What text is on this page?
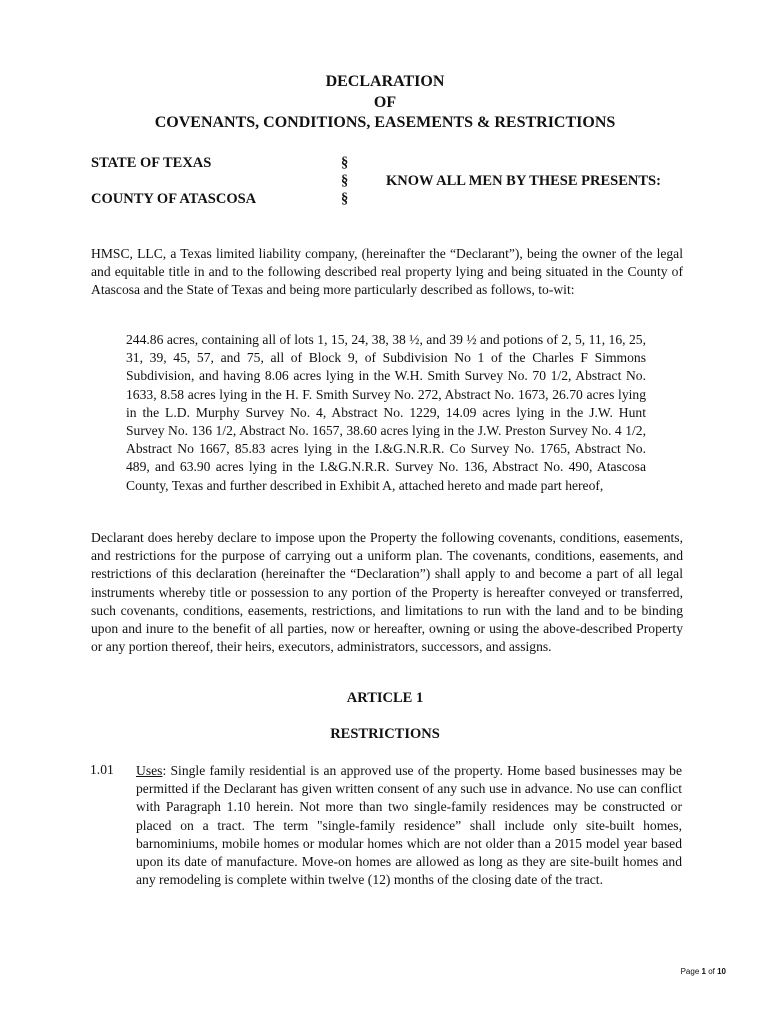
DECLARATION
OF
COVENANTS, CONDITIONS, EASEMENTS & RESTRICTIONS
STATE OF TEXAS
COUNTY OF ATASCOSA
§
§
§
KNOW ALL MEN BY THESE PRESENTS:

HMSC, LLC, a Texas limited liability company, (hereinafter the “Declarant”), being the owner of the legal and equitable title in and to the following described real property lying and being situated in the County of Atascosa and the State of Texas and being more particularly described as follows, to-wit:

244.86 acres, containing all of lots 1, 15, 24, 38, 38 ½, and 39 ½ and potions of 2, 5, 11, 16, 25, 31, 39, 45, 57, and 75, all of Block 9, of Subdivision No 1 of the Charles F Simmons Subdivision, and having 8.06 acres lying in the W.H. Smith Survey No. 70 1/2, Abstract No. 1633, 8.58 acres lying in the H. F. Smith Survey No. 272, Abstract No. 1673, 26.70 acres lying in the L.D. Murphy Survey No. 4, Abstract No. 1229, 14.09 acres lying in the J.W. Hunt Survey No. 136 1/2, Abstract No. 1657, 38.60 acres lying in the J.W. Preston Survey No. 4 1/2, Abstract No 1667, 85.83 acres lying in the I.&G.N.R.R. Co Survey No. 1765, Abstract No. 489, and 63.90 acres lying in the I.&G.N.R.R. Survey No. 136, Abstract No. 490, Atascosa County, Texas and further described in Exhibit A, attached hereto and made part hereof,

Declarant does hereby declare to impose upon the Property the following covenants, conditions, easements, and restrictions for the purpose of carrying out a uniform plan. The covenants, conditions, easements, and restrictions of this declaration (hereinafter the “Declaration”) shall apply to and become a part of all legal instruments whereby title or possession to any portion of the Property is hereafter conveyed or transferred, such covenants, conditions, easements, restrictions, and limitations to run with the land and to be binding upon and inure to the benefit of all parties, now or hereafter, owning or using the above-described Property or any portion thereof, their heirs, executors, administrators, successors, and assigns.

ARTICLE 1
RESTRICTIONS
1.01 Uses: Single family residential is an approved use of the property. Home based businesses may be permitted if the Declarant has given written consent of any such use in advance. No use can conflict with Paragraph 1.10 herein. Not more than two single-family residences may be constructed or placed on a tract. The term "single-family residence” shall include only site-built homes, barnominiums, mobile homes or modular homes which are not older than a 2015 model year based upon its date of manufacture. Move-on homes are allowed as long as they are site-built homes and any remodeling is complete within twelve (12) months of the closing date of the tract.

Page 1 of 10
